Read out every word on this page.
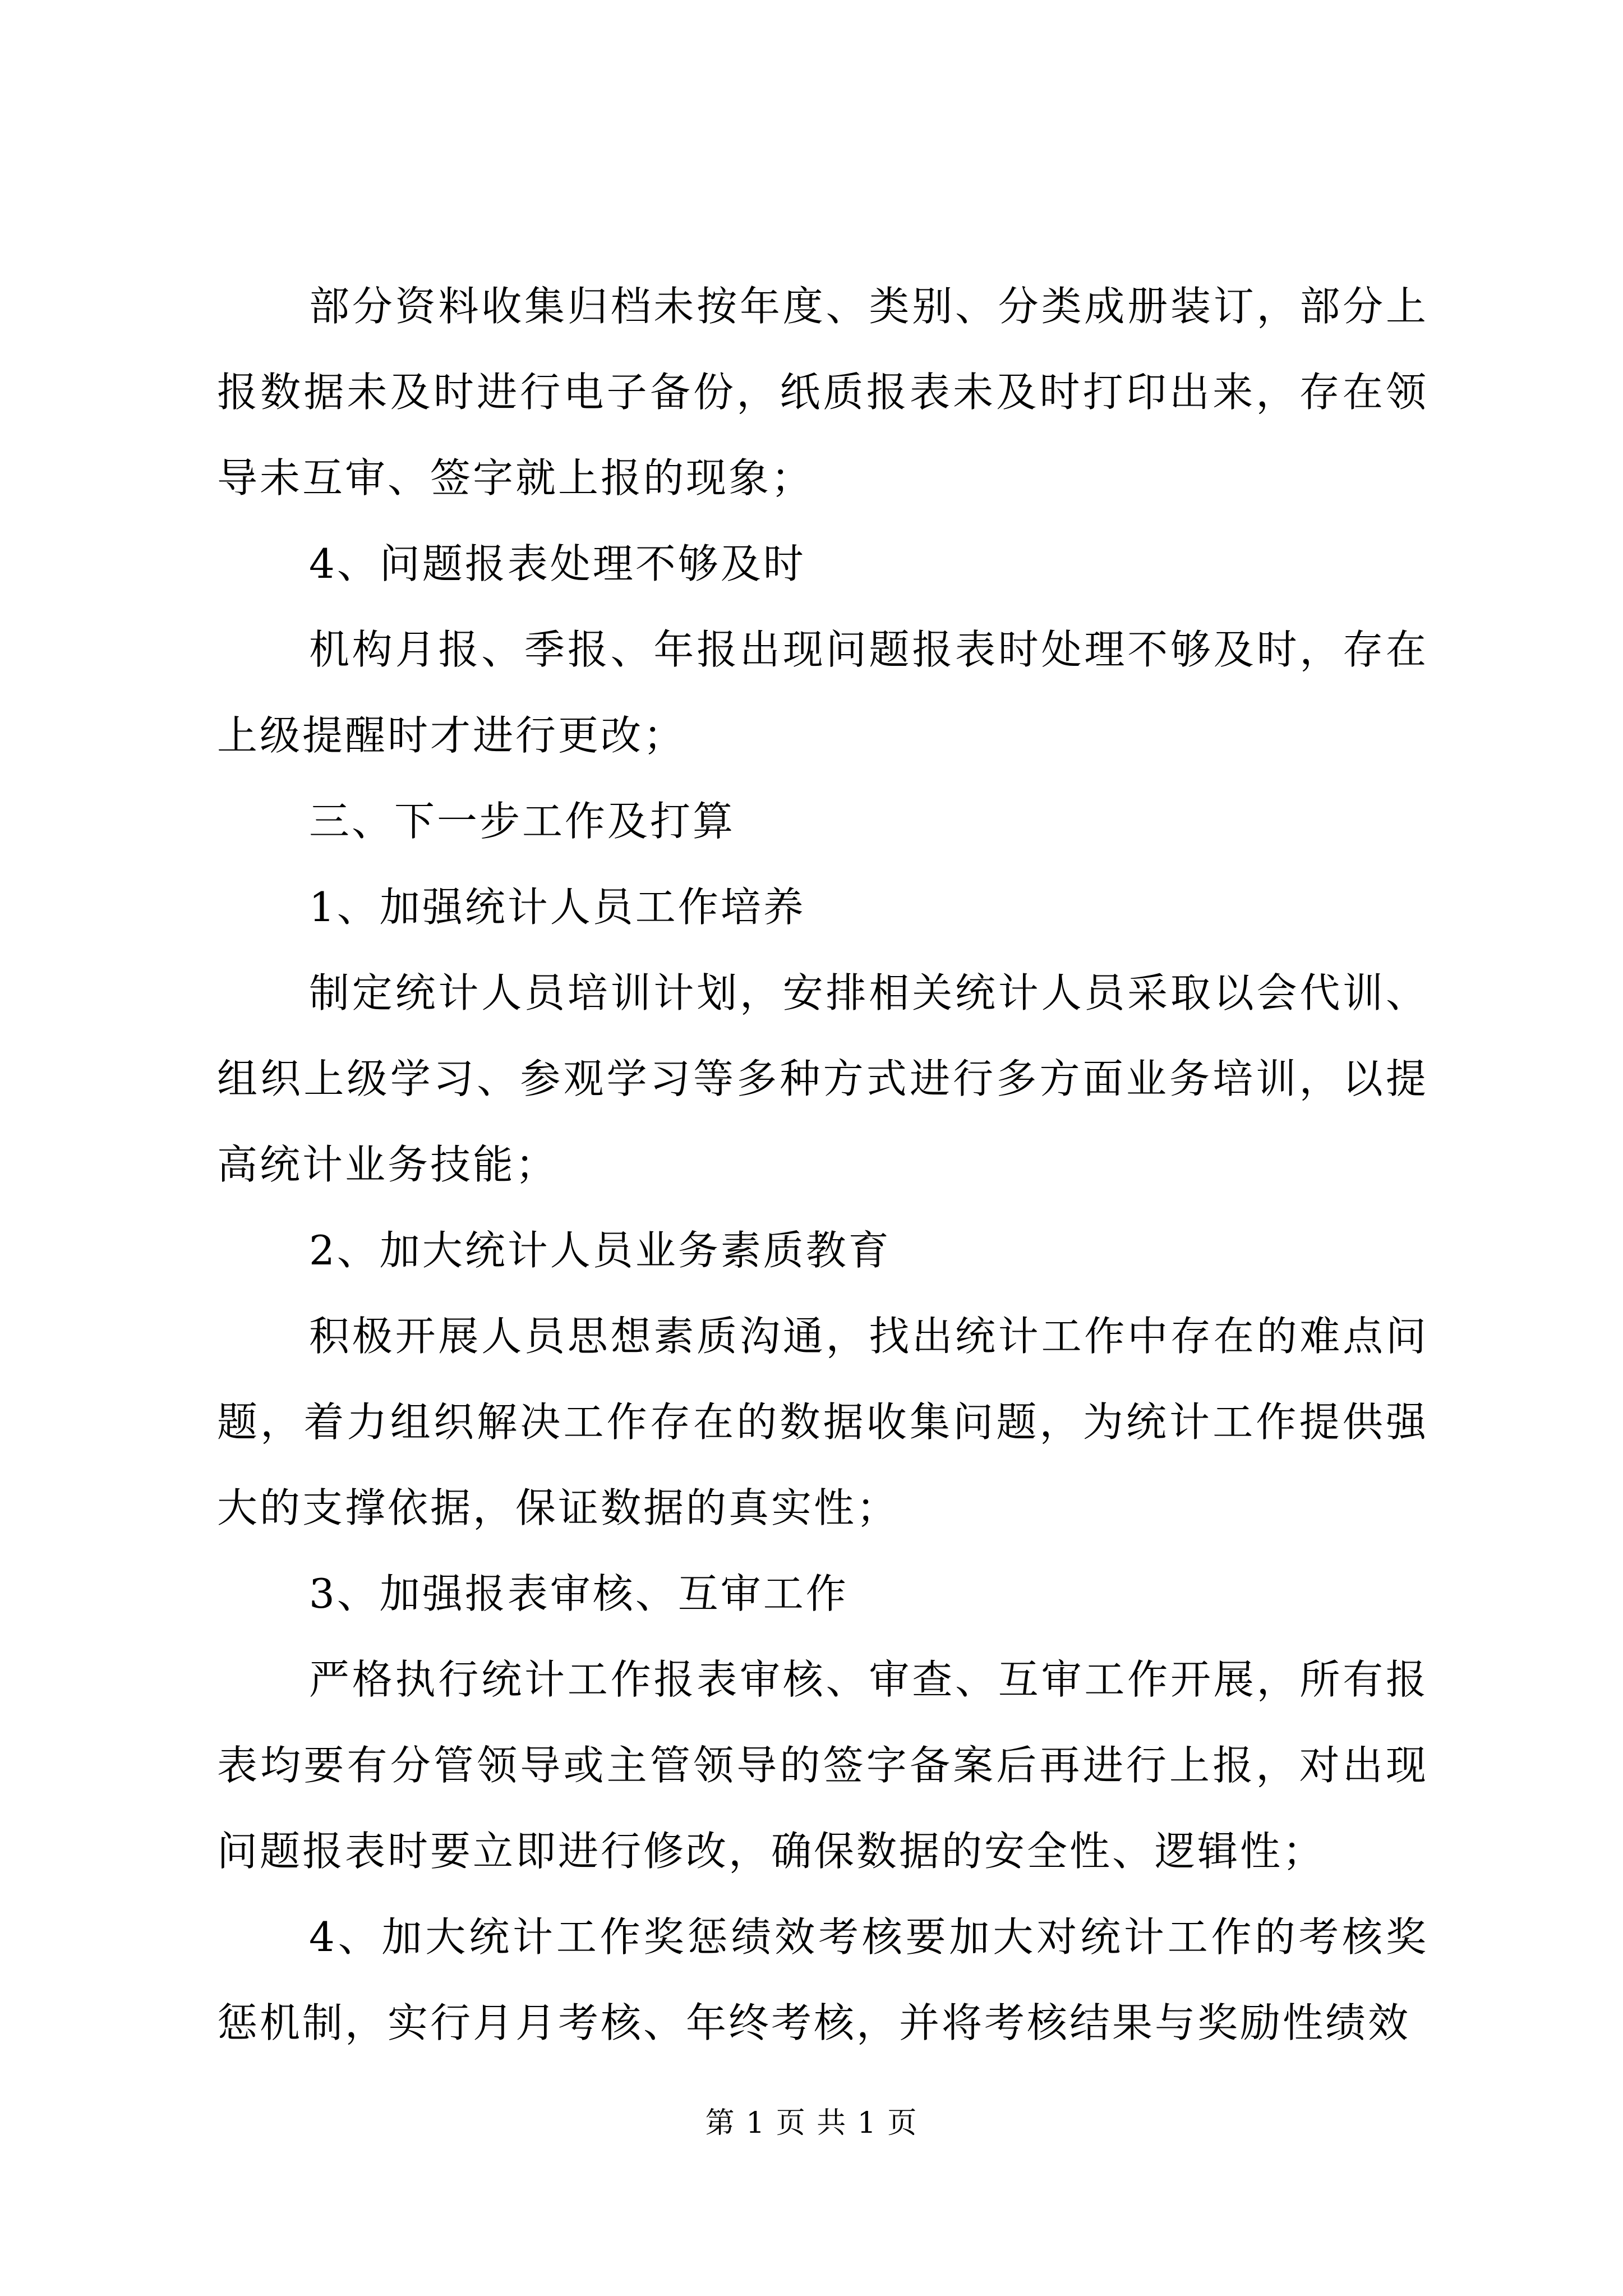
部分资料收集归档未按年度、类别、分类成册装订，部分上报数据未及时进行电子备份，纸质报表未及时打印出来，存在领导未互审、签字就上报的现象；

4、问题报表处理不够及时

机构月报、季报、年报出现问题报表时处理不够及时，存在上级提醒时才进行更改；

三、下一步工作及打算

1、加强统计人员工作培养

制定统计人员培训计划，安排相关统计人员采取以会代训、组织上级学习、参观学习等多种方式进行多方面业务培训，以提高统计业务技能；

2、加大统计人员业务素质教育

积极开展人员思想素质沟通，找出统计工作中存在的难点问题，着力组织解决工作存在的数据收集问题，为统计工作提供强大的支撑依据，保证数据的真实性；

3、加强报表审核、互审工作

严格执行统计工作报表审核、审查、互审工作开展，所有报表均要有分管领导或主管领导的签字备案后再进行上报，对出现问题报表时要立即进行修改，确保数据的安全性、逻辑性；

4、加大统计工作奖惩绩效考核要加大对统计工作的考核奖惩机制，实行月月考核、年终考核，并将考核结果与奖励性绩效

第 1 页 共 1 页
